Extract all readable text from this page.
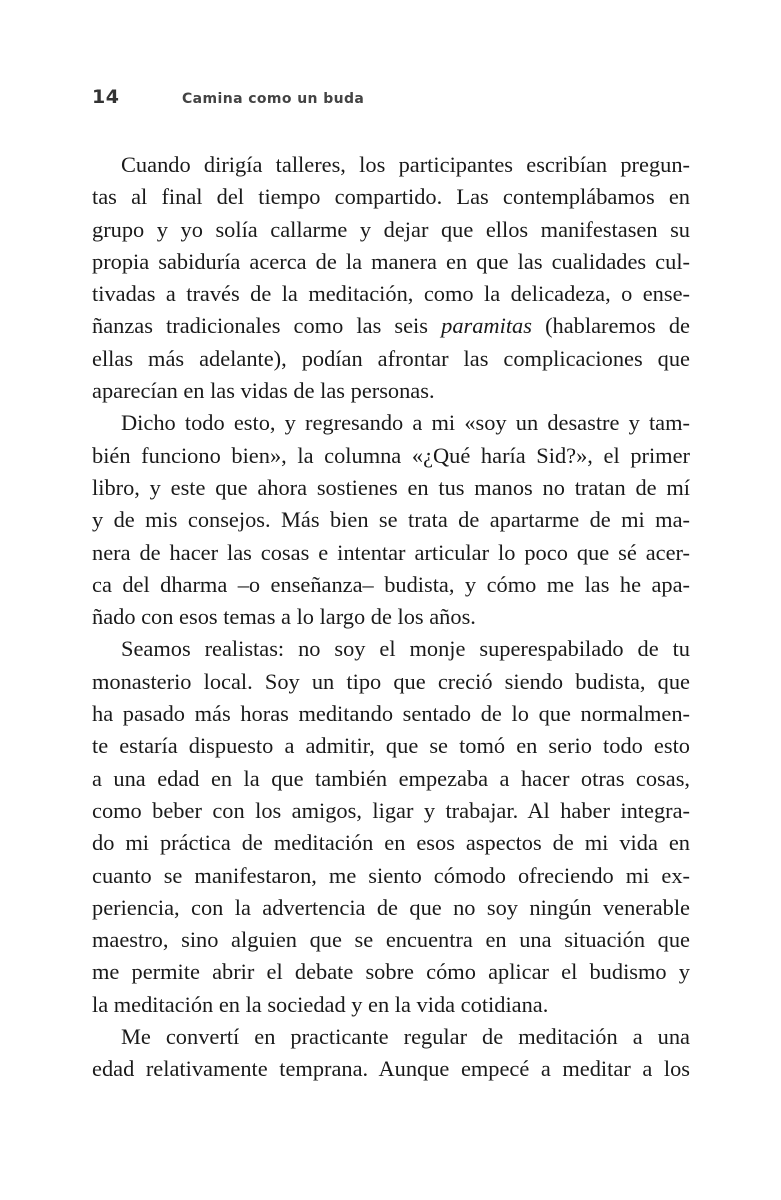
14	Camina como un buda
Cuando dirigía talleres, los participantes escribían pregun-
tas al final del tiempo compartido. Las contemplábamos en
grupo y yo solía callarme y dejar que ellos manifestasen su
propia sabiduría acerca de la manera en que las cualidades cul-
tivadas a través de la meditación, como la delicadeza, o ense-
ñanzas tradicionales como las seis paramitas (hablaremos de
ellas más adelante), podían afrontar las complicaciones que
aparecían en las vidas de las personas.
Dicho todo esto, y regresando a mi «soy un desastre y tam-
bién funciono bien», la columna «¿Qué haría Sid?», el primer
libro, y este que ahora sostienes en tus manos no tratan de mí
y de mis consejos. Más bien se trata de apartarme de mi ma-
nera de hacer las cosas e intentar articular lo poco que sé acer-
ca del dharma –o enseñanza– budista, y cómo me las he apa-
ñado con esos temas a lo largo de los años.
Seamos realistas: no soy el monje superespabilado de tu
monasterio local. Soy un tipo que creció siendo budista, que
ha pasado más horas meditando sentado de lo que normalmen-
te estaría dispuesto a admitir, que se tomó en serio todo esto
a una edad en la que también empezaba a hacer otras cosas,
como beber con los amigos, ligar y trabajar. Al haber integra-
do mi práctica de meditación en esos aspectos de mi vida en
cuanto se manifestaron, me siento cómodo ofreciendo mi ex-
periencia, con la advertencia de que no soy ningún venerable
maestro, sino alguien que se encuentra en una situación que
me permite abrir el debate sobre cómo aplicar el budismo y
la meditación en la sociedad y en la vida cotidiana.
Me convertí en practicante regular de meditación a una
edad relativamente temprana. Aunque empecé a meditar a los
